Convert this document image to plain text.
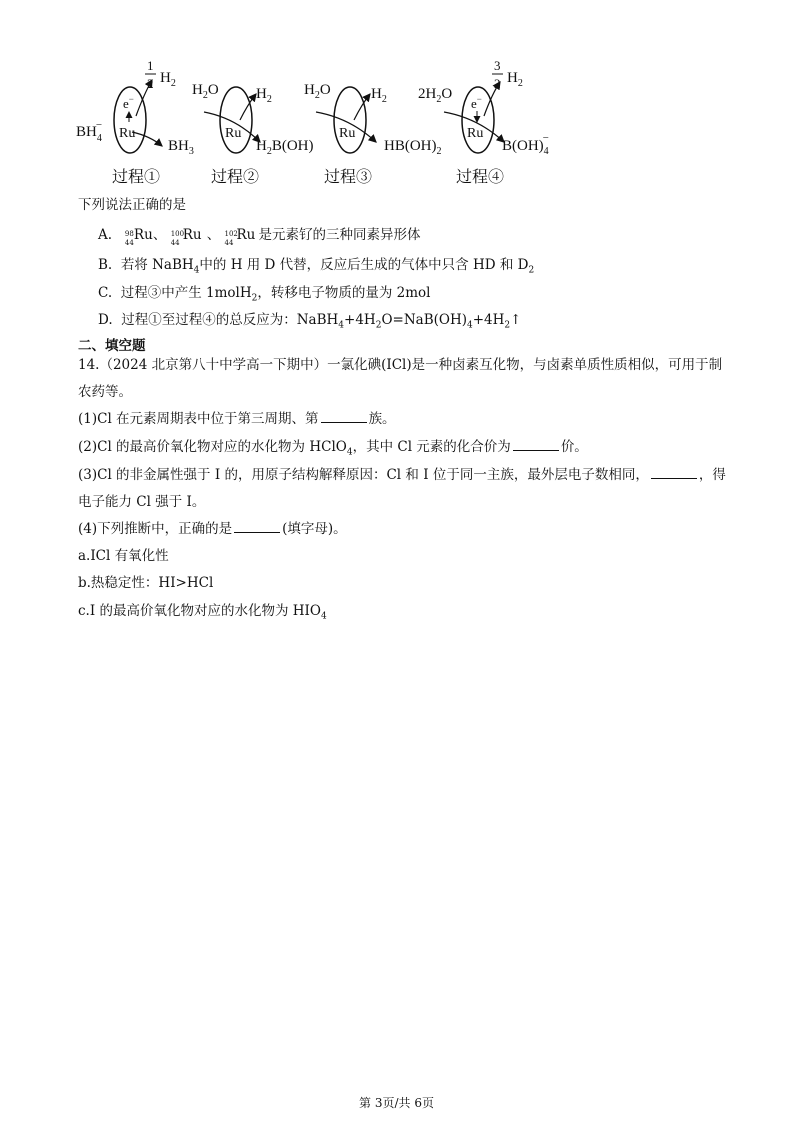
$BH_4-$
Ru
e−
1
2 $H_2$
$BH_3$
过程①
$H_2O$
Ru
$H_2$
$H_2B(OH)$
过程②
$H_2O$
Ru
$H_2$
$HB(OH)_2$
过程③
$2H_2O$
Ru
e−
3
2 $H_2$
$B(OH)_4-$
过程④
下列说法正确的是
A. 98
44 Ru 、 100
44 Ru 、 102
44 Ru 是元素钌的三种同素异形体
B. 若将 NaBH$_4$中的 H 用 D 代替，反应后生成的气体中只含 HD 和 $D_2$
C. 过程③中产生 1molH$_2$，转移电子物质的量为 2mol
D. 过程①至过程④的总反应为：$NaBH_4+4H_2O=NaB(OH)_4+4H_2↑$
二、填空题
14.（2024 北京第八十中学高一下期中）一氯化碘(ICl)是一种卤素互化物，与卤素单质性质相似，可用于制
农药等。
(1)Cl 在元素周期表中位于第三周期、第	族。
(2)Cl 的最高价氧化物对应的水化物为 HClO$_4$，其中 Cl 元素的化合价为	价。
(3)Cl 的非金属性强于 I 的，用原子结构解释原因：Cl 和 I 位于同一主族，最外层电子数相同，	，得
电子能力 Cl 强于 I。
(4)下列推断中，正确的是	(填字母)。
a.ICl 有氧化性
b.热稳定性：HI>HCl
c.I 的最高价氧化物对应的水化物为 $HIO_4$
第 3页/共 6页
